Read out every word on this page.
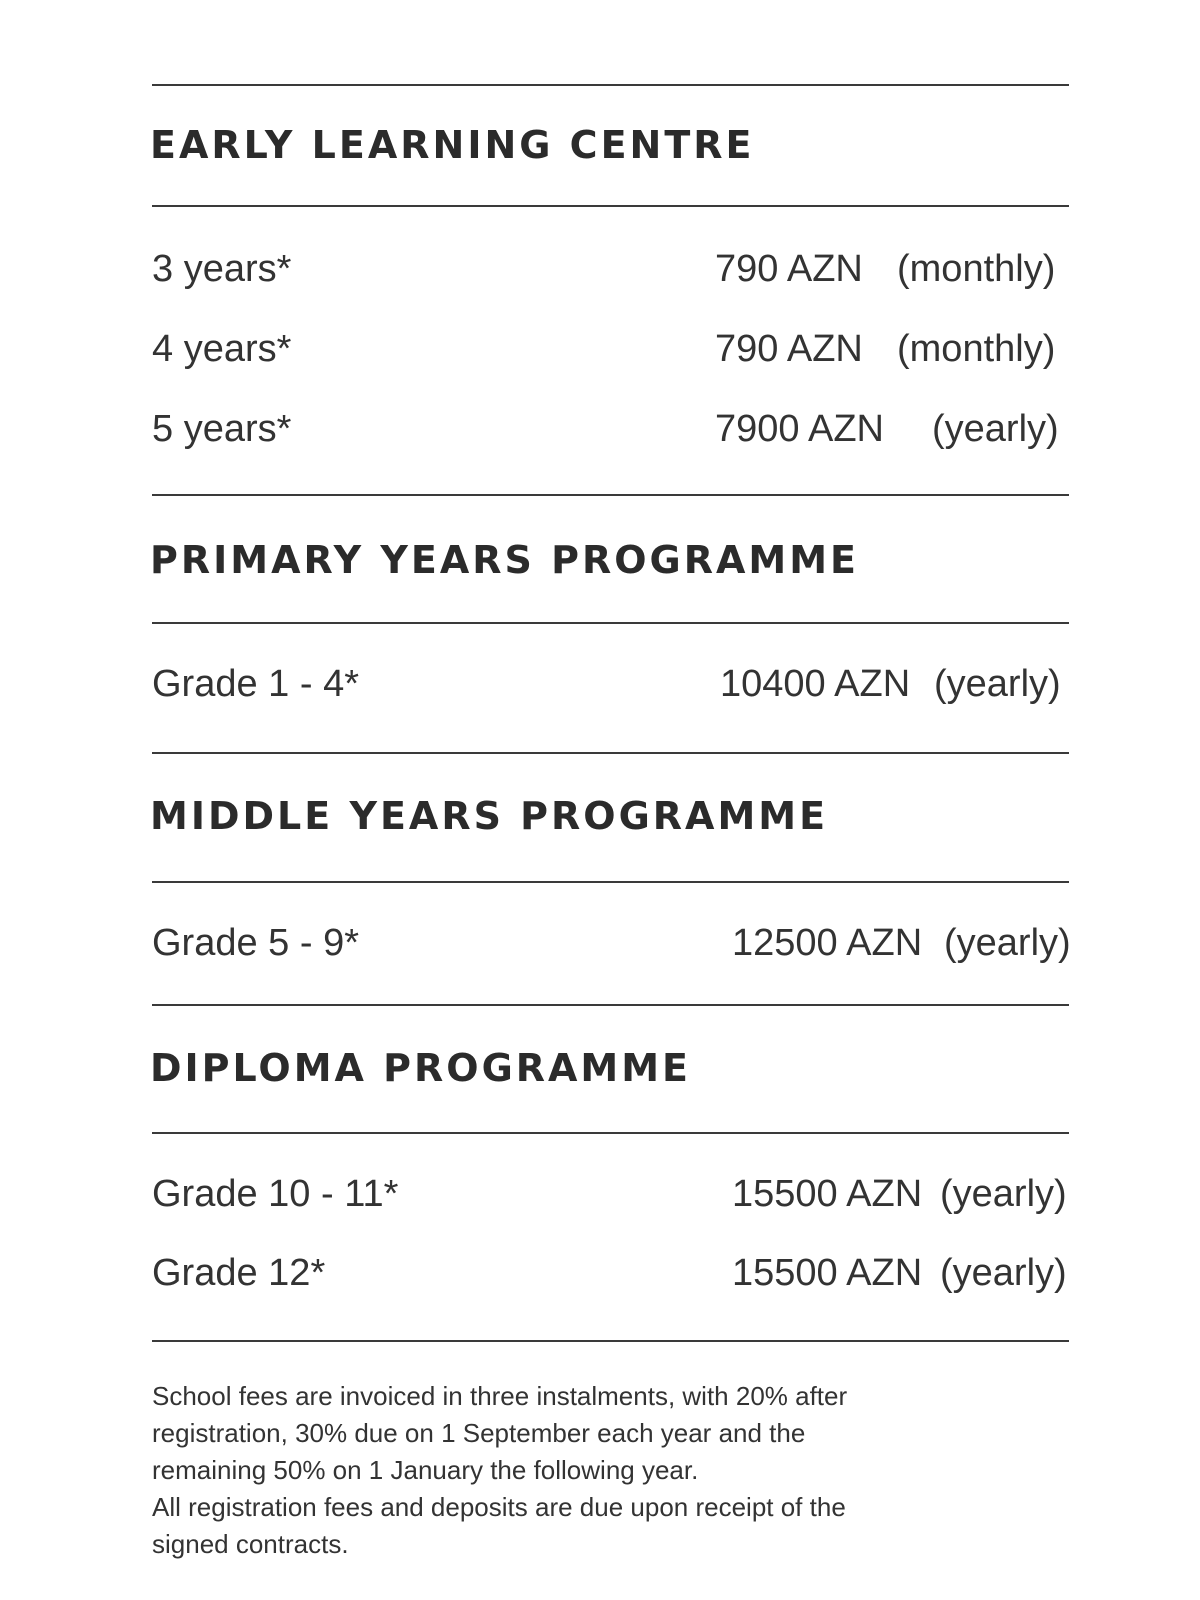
EARLY LEARNING CENTRE
3 years*	790 AZN (monthly)
4 years*	790 AZN (monthly)
5 years*	7900 AZN (yearly)
PRIMARY YEARS PROGRAMME
Grade 1 - 4*	10400 AZN (yearly)
MIDDLE YEARS PROGRAMME
Grade 5 - 9*	12500 AZN (yearly)
DIPLOMA PROGRAMME
Grade 10 - 11*	15500 AZN (yearly)
Grade 12*	15500 AZN (yearly)

School fees are invoiced in three instalments, with 20% after registration, 30% due on 1 September each year and the remaining 50% on 1 January the following year.

All registration fees and deposits are due upon receipt of the signed contracts.
